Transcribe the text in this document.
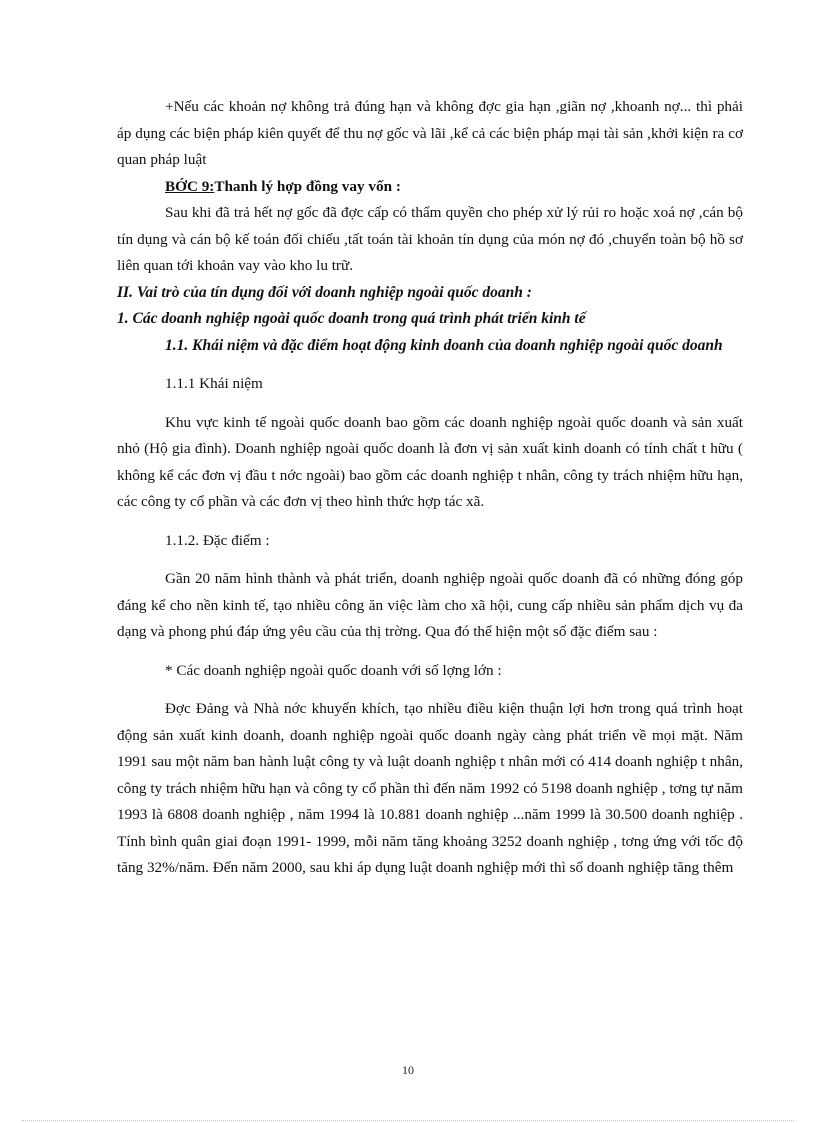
+Nếu các khoản nợ không trả đúng hạn và không đợc gia hạn ,giãn nợ ,khoanh nợ... thì phải áp dụng các biện pháp kiên quyết để thu nợ gốc và lãi ,kể cả các biện pháp mại tài sản ,khởi kiện ra cơ quan pháp luật

BỚC 9:Thanh lý hợp đồng vay vốn :

Sau khi đã trả hết nợ gốc đã đợc cấp có thẩm quyền cho phép xử lý rủi ro hoặc xoá nợ ,cán bộ tín dụng và cán bộ kế toán đối chiếu ,tất toán tài khoản tín dụng của món nợ đó ,chuyển toàn bộ hồ sơ liên quan tới khoản vay vào kho lu trữ.

II. Vai trò của tín dụng đối với doanh nghiệp ngoài quốc doanh :

1. Các doanh nghiệp ngoài quốc doanh trong quá trình phát triển kinh tế

1.1. Khái niệm và đặc điểm hoạt động kinh doanh của doanh nghiệp ngoài quốc doanh

1.1.1 Khái niệm

Khu vực kinh tế ngoài quốc doanh bao gồm các doanh nghiệp ngoài quốc doanh và sản xuất nhỏ (Hộ gia đình). Doanh nghiệp ngoài quốc doanh là đơn vị sản xuất kinh doanh có tính chất t hữu ( không kể các đơn vị đầu t nớc ngoài) bao gồm các doanh nghiệp t nhân, công ty trách nhiệm hữu hạn, các công ty cổ phần và các đơn vị theo hình thức hợp tác xã.

1.1.2. Đặc điểm :

Gần 20 năm hình thành và phát triển, doanh nghiệp ngoài quốc doanh đã có những đóng góp đáng kể cho nền kinh tế, tạo nhiều công ăn việc làm cho xã hội, cung cấp nhiều sản phẩm dịch vụ đa dạng và phong phú đáp ứng yêu cầu của thị trờng. Qua đó thể hiện một số đặc điểm sau :

* Các doanh nghiệp ngoài quốc doanh với số lợng lớn :

Đợc Đảng và Nhà nớc khuyến khích, tạo nhiều điều kiện thuận lợi hơn trong quá trình hoạt động sản xuất kinh doanh, doanh nghiệp ngoài quốc doanh ngày càng phát triển về mọi mặt. Năm 1991 sau một năm ban hành luật công ty và luật doanh nghiệp t nhân mới có 414 doanh nghiệp t nhân, công ty trách nhiệm hữu hạn và công ty cổ phần thì đến năm 1992 có 5198 doanh nghiệp , tơng tự năm 1993 là 6808 doanh nghiệp , năm 1994 là 10.881 doanh nghiệp ...năm 1999 là 30.500 doanh nghiệp . Tính bình quân giai đoạn 1991- 1999, mỗi năm tăng khoảng 3252 doanh nghiệp , tơng ứng với tốc độ tăng 32%/năm. Đến năm 2000, sau khi áp dụng luật doanh nghiệp mới thì số doanh nghiệp tăng thêm

10
